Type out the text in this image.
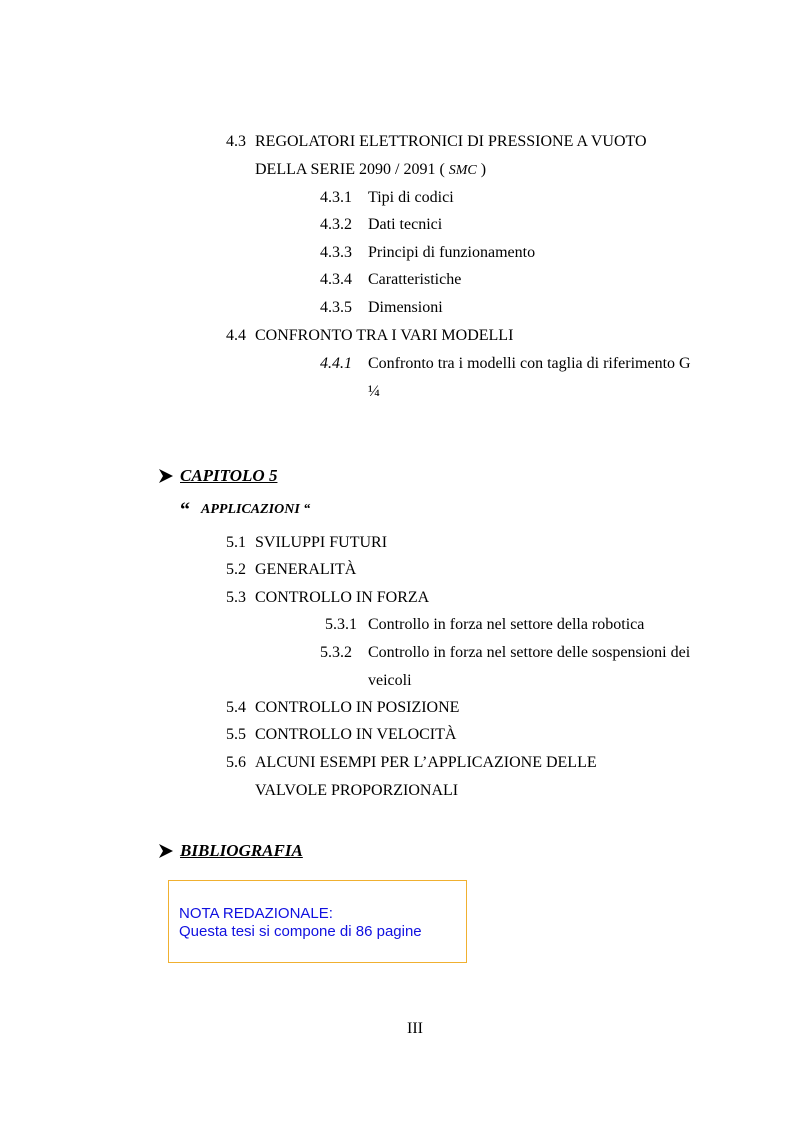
4.3 REGOLATORI ELETTRONICI DI PRESSIONE A VUOTO
DELLA SERIE 2090 / 2091 ( SMC )
4.3.1 Tipi di codici
4.3.2 Dati tecnici
4.3.3 Principi di funzionamento
4.3.4 Caratteristiche
4.3.5 Dimensioni
4.4 CONFRONTO TRA I VARI MODELLI
4.4.1 Confronto tra i modelli con taglia di riferimento G
¼
CAPITOLO 5
“ APPLICAZIONI “
5.1 SVILUPPI FUTURI
5.2 GENERALITÀ
5.3 CONTROLLO IN FORZA
5.3.1 Controllo in forza nel settore della robotica
5.3.2 Controllo in forza nel settore delle sospensioni dei
veicoli
5.4 CONTROLLO IN POSIZIONE
5.5 CONTROLLO IN VELOCITÀ
5.6 ALCUNI ESEMPI PER L’APPLICAZIONE DELLE
VALVOLE PROPORZIONALI
BIBLIOGRAFIA
NOTA REDAZIONALE:
Questa tesi si compone di 86 pagine
III
